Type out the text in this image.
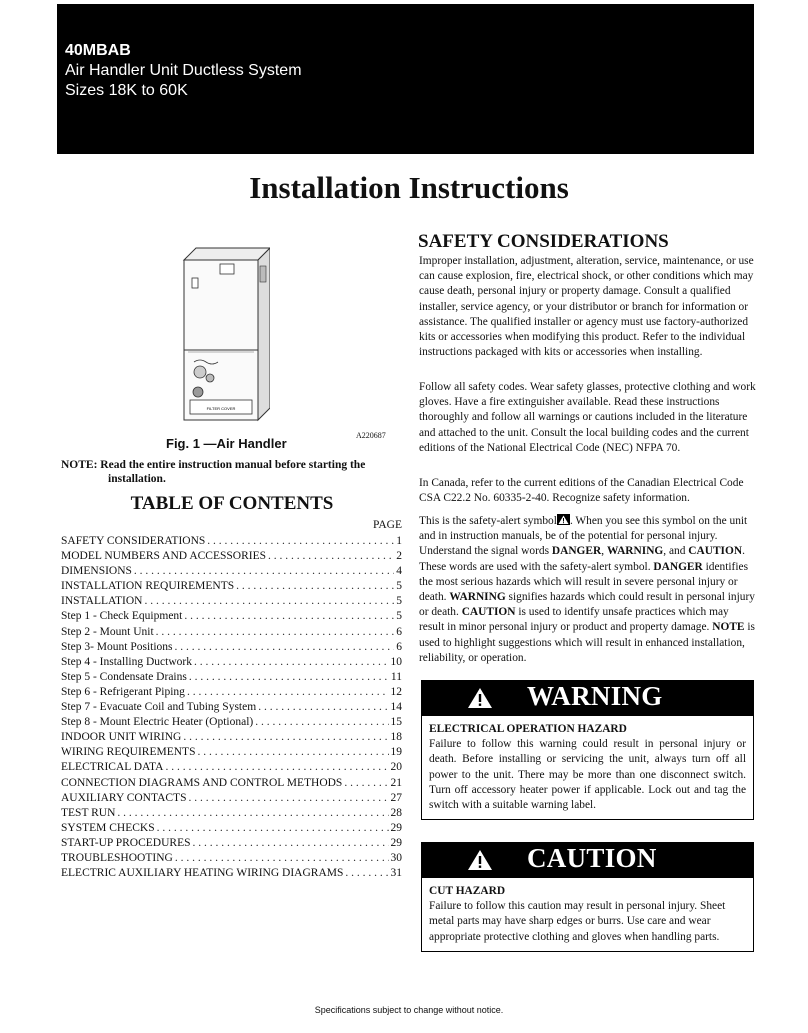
40MBAB
Air Handler Unit Ductless System
Sizes 18K to 60K
Installation Instructions
FILTER COVER
A220687
Fig. 1 —Air Handler
NOTE: Read the entire instruction manual before starting the installation.
TABLE OF CONTENTS
PAGE
SAFETY CONSIDERATIONS . . .	1
MODEL NUMBERS AND ACCESSORIES . . .	2
DIMENSIONS . . .	4
INSTALLATION REQUIREMENTS . . .	5
INSTALLATION . . .	5
Step 1 - Check Equipment . . .	5
Step 2 - Mount Unit . . .	6
Step 3- Mount Positions . . .	6
Step 4 - Installing Ductwork . . .	10
Step 5 - Condensate Drains . . .	11
Step 6 - Refrigerant Piping . . .	12
Step 7 - Evacuate Coil and Tubing System . . .	14
Step 8 - Mount Electric Heater (Optional) . . .	15
INDOOR UNIT WIRING . . .	18
WIRING REQUIREMENTS . . .	19
ELECTRICAL DATA . . .	20
CONNECTION DIAGRAMS AND CONTROL METHODS . . .	21
AUXILIARY CONTACTS . . .	27
TEST RUN . . .	28
SYSTEM CHECKS . . .	29
START-UP PROCEDURES . . .	29
TROUBLESHOOTING . . .	30
ELECTRIC AUXILIARY HEATING WIRING DIAGRAMS . . .	31
SAFETY CONSIDERATIONS

Improper installation, adjustment, alteration, service, maintenance, or use can cause explosion, fire, electrical shock, or other conditions which may cause death, personal injury or property damage. Consult a qualified installer, service agency, or your distributor or branch for information or assistance. The qualified installer or agency must use factory-authorized kits or accessories when modifying this product. Refer to the individual instructions packaged with kits or accessories when installing.

Follow all safety codes. Wear safety glasses, protective clothing and work gloves. Have a fire extinguisher available. Read these instructions thoroughly and follow all warnings or cautions included in the literature and attached to the unit. Consult the local building codes and the current editions of the National Electrical Code (NEC) NFPA 70.

In Canada, refer to the current editions of the Canadian Electrical Code CSA C22.2 No. 60335-2-40. Recognize safety information.

This is the safety-alert symbol . When you see this symbol on the unit and in instruction manuals, be of the potential for personal injury. Understand the signal words DANGER, WARNING, and CAUTION. These words are used with the safety-alert symbol. DANGER identifies the most serious hazards which will result in severe personal injury or death. WARNING signifies hazards which could result in personal injury or death. CAUTION is used to identify unsafe practices which may result in minor personal injury or product and property damage. NOTE is used to highlight suggestions which will result in enhanced installation, reliability, or operation.

WARNING
ELECTRICAL OPERATION HAZARD
Failure to follow this warning could result in personal injury or death. Before installing or servicing the unit, always turn off all power to the unit. There may be more than one disconnect switch. Turn off accessory heater power if applicable. Lock out and tag the switch with a suitable warning label.
CAUTION
CUT HAZARD
Failure to follow this caution may result in personal injury. Sheet metal parts may have sharp edges or burrs. Use care and wear appropriate protective clothing and gloves when handling parts.
Specifications subject to change without notice.
